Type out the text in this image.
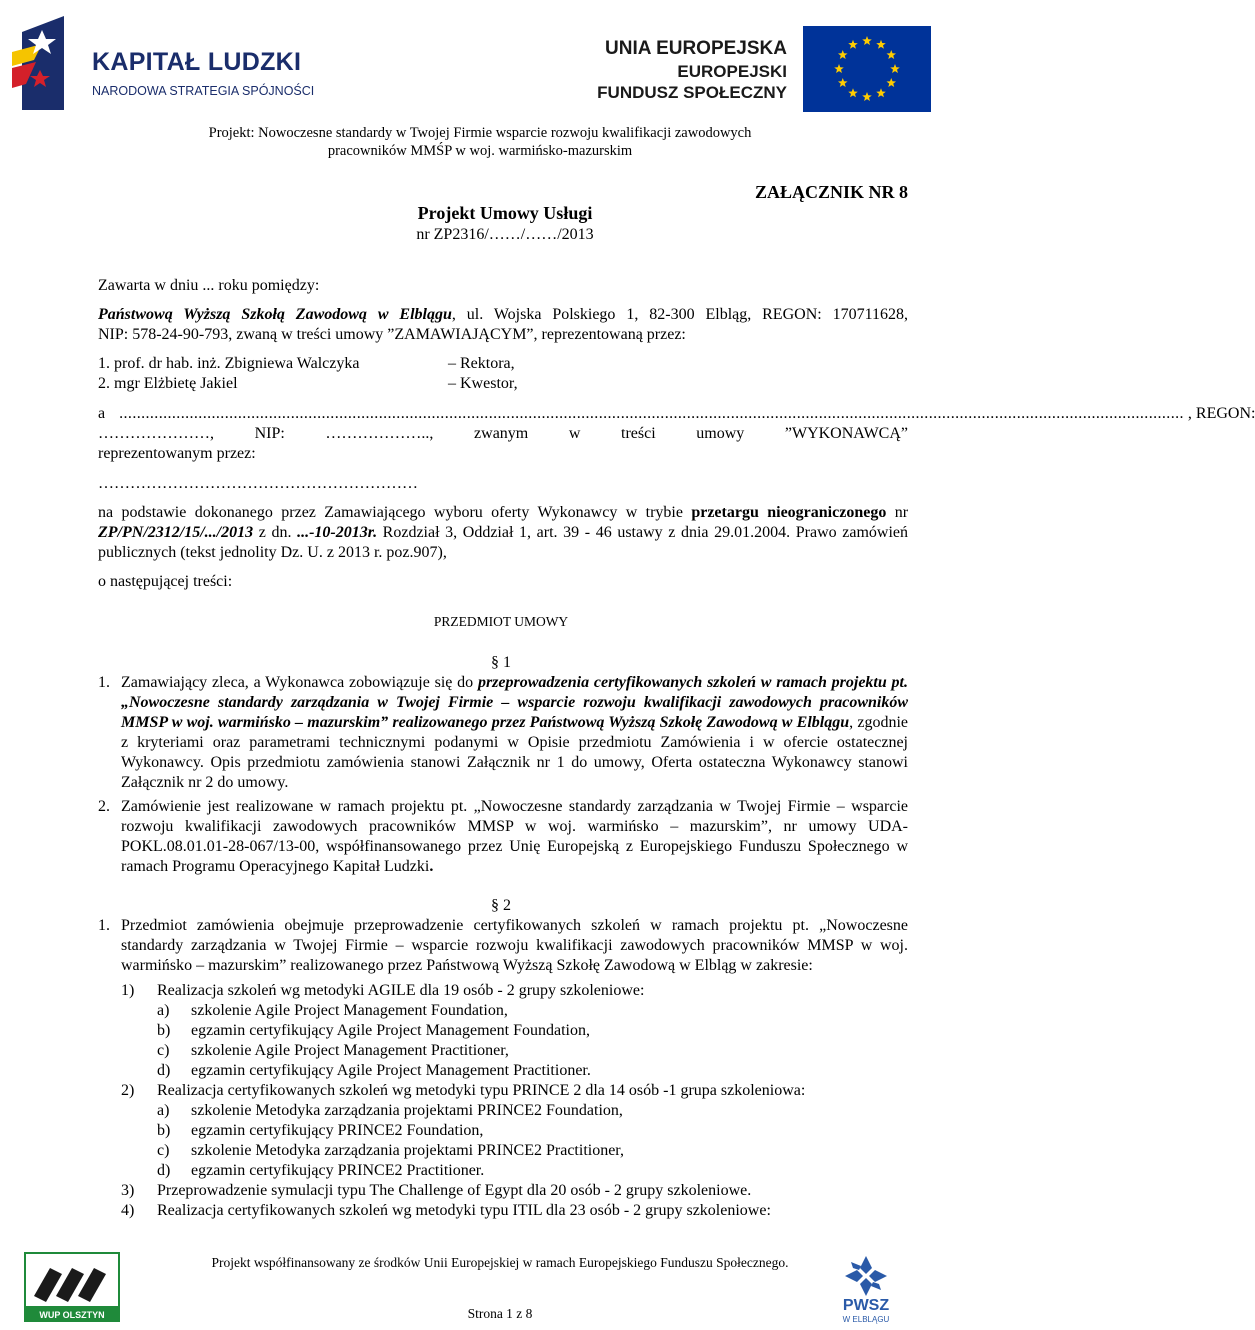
KAPITAŁ LUDZKI
NARODOWA STRATEGIA SPÓJNOŚCI
UNIA EUROPEJSKA
EUROPEJSKI
FUNDUSZ SPOŁECZNY
Projekt: Nowoczesne standardy w Twojej Firmie wsparcie rozwoju kwalifikacji zawodowych
pracowników MMŚP w woj. warmińsko-mazurskim
ZAŁĄCZNIK NR 8
Projekt Umowy Usługi
nr ZP2316/……/……/2013
Zawarta w dniu ... roku pomiędzy:
Państwową Wyższą Szkołą Zawodową w Elblągu, ul. Wojska Polskiego 1, 82-300 Elbląg, REGON: 170711628,
NIP: 578-24-90-793, zwaną w treści umowy ”ZAMAWIAJĄCYM”, reprezentowaną przez:
1. prof. dr hab. inż. Zbigniewa Walczyka	– Rektora,
2. mgr Elżbietę Jakiel	– Kwestor,
a .................................................................................................................................................................................................................................................. , REGON:
…………………, NIP: ……………….., zwanym w treści umowy ”WYKONAWCĄ”
reprezentowanym przez:
……………………………………………………
na podstawie dokonanego przez Zamawiającego wyboru oferty Wykonawcy w trybie przetargu nieograniczonego nr ZP/PN/2312/15/.../2013 z dn. ...-10-2013r. Rozdział 3, Oddział 1, art. 39 - 46 ustawy z dnia 29.01.2004. Prawo zamówień publicznych (tekst jednolity Dz. U. z 2013 r. poz.907),
o następującej treści:
PRZEDMIOT UMOWY
§ 1
1. Zamawiający zleca, a Wykonawca zobowiązuje się do przeprowadzenia certyfikowanych szkoleń w ramach projektu pt. „Nowoczesne standardy zarządzania w Twojej Firmie – wsparcie rozwoju kwalifikacji zawodowych pracowników MMSP w woj. warmińsko – mazurskim” realizowanego przez Państwową Wyższą Szkołę Zawodową w Elblągu, zgodnie z kryteriami oraz parametrami technicznymi podanymi w Opisie przedmiotu Zamówienia i w ofercie ostatecznej Wykonawcy. Opis przedmiotu zamówienia stanowi Załącznik nr 1 do umowy, Oferta ostateczna Wykonawcy stanowi Załącznik nr 2 do umowy.
2. Zamówienie jest realizowane w ramach projektu pt. „Nowoczesne standardy zarządzania w Twojej Firmie – wsparcie rozwoju kwalifikacji zawodowych pracowników MMSP w woj. warmińsko – mazurskim”, nr umowy UDA-POKL.08.01.01-28-067/13-00, współfinansowanego przez Unię Europejską z Europejskiego Funduszu Społecznego w ramach Programu Operacyjnego Kapitał Ludzki.
§ 2
1. Przedmiot zamówienia obejmuje przeprowadzenie certyfikowanych szkoleń w ramach projektu pt. „Nowoczesne standardy zarządzania w Twojej Firmie – wsparcie rozwoju kwalifikacji zawodowych pracowników MMSP w woj. warmińsko – mazurskim” realizowanego przez Państwową Wyższą Szkołę Zawodową w Elbląg w zakresie:
1) Realizacja szkoleń wg metodyki AGILE dla 19 osób - 2 grupy szkoleniowe:
a) szkolenie Agile Project Management Foundation,
b) egzamin certyfikujący Agile Project Management Foundation,
c) szkolenie Agile Project Management Practitioner,
d) egzamin certyfikujący Agile Project Management Practitioner.
2) Realizacja certyfikowanych szkoleń wg metodyki typu PRINCE 2 dla 14 osób -1 grupa szkoleniowa:
a) szkolenie Metodyka zarządzania projektami PRINCE2 Foundation,
b) egzamin certyfikujący PRINCE2 Foundation,
c) szkolenie Metodyka zarządzania projektami PRINCE2 Practitioner,
d) egzamin certyfikujący PRINCE2 Practitioner.
3) Przeprowadzenie symulacji typu The Challenge of Egypt dla 20 osób - 2 grupy szkoleniowe.
4) Realizacja certyfikowanych szkoleń wg metodyki typu ITIL dla 23 osób - 2 grupy szkoleniowe:
WUP OLSZTYN
Projekt współfinansowany ze środków Unii Europejskiej w ramach Europejskiego Funduszu Społecznego.
Strona 1 z 8	PWSZ
W ELBLĄGU
